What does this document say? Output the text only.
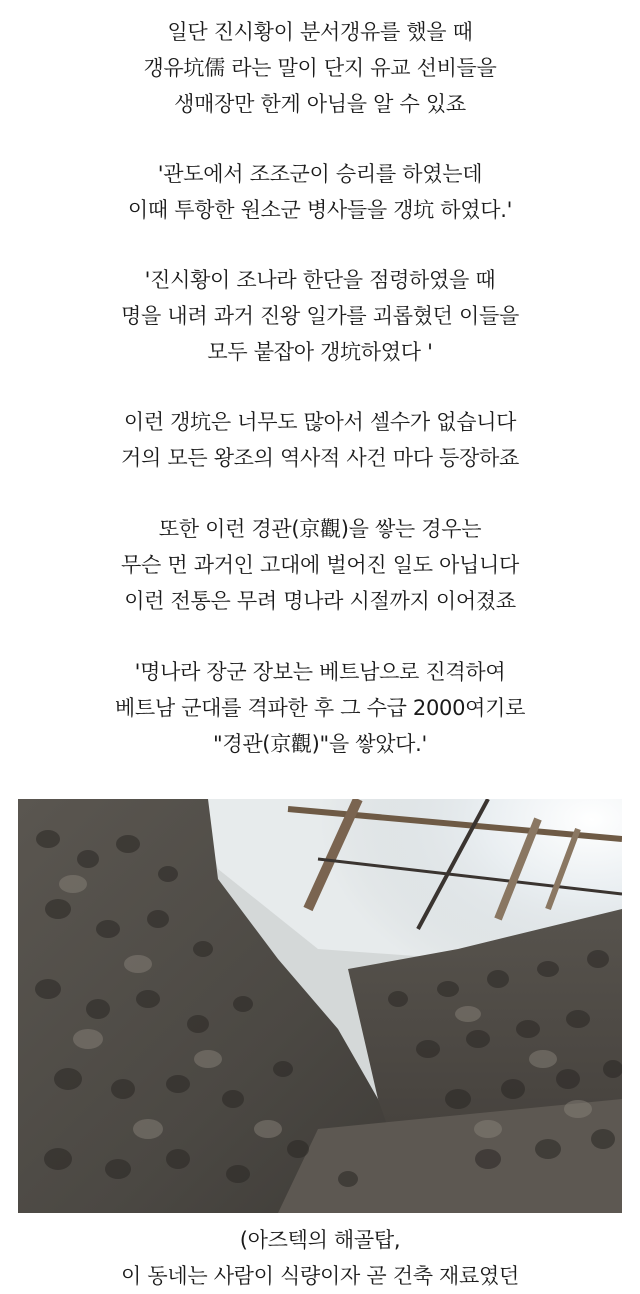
일단 진시황이 분서갱유를 했을 때
갱유坑儒 라는 말이 단지 유교 선비들을
생매장만 한게 아님을 알 수 있죠
'관도에서 조조군이 승리를 하였는데
이때 투항한 원소군 병사들을 갱坑 하였다.'
'진시황이 조나라 한단을 점령하였을 때
명을 내려 과거 진왕 일가를 괴롭혔던 이들을
모두 붙잡아 갱坑하였다 '
이런 갱坑은 너무도 많아서 셀수가 없습니다
거의 모든 왕조의 역사적 사건 마다 등장하죠
또한 이런 경관(京觀)을 쌓는 경우는
무슨 먼 과거인 고대에 벌어진 일도 아닙니다
이런 전통은 무려 명나라 시절까지 이어졌죠
'명나라 장군 장보는 베트남으로 진격하여
베트남 군대를 격파한 후 그 수급 2000여기로
"경관(京觀)"을 쌓았다.'
(아즈텍의 해골탑,
이 동네는 사람이 식량이자 곧 건축 재료였던
